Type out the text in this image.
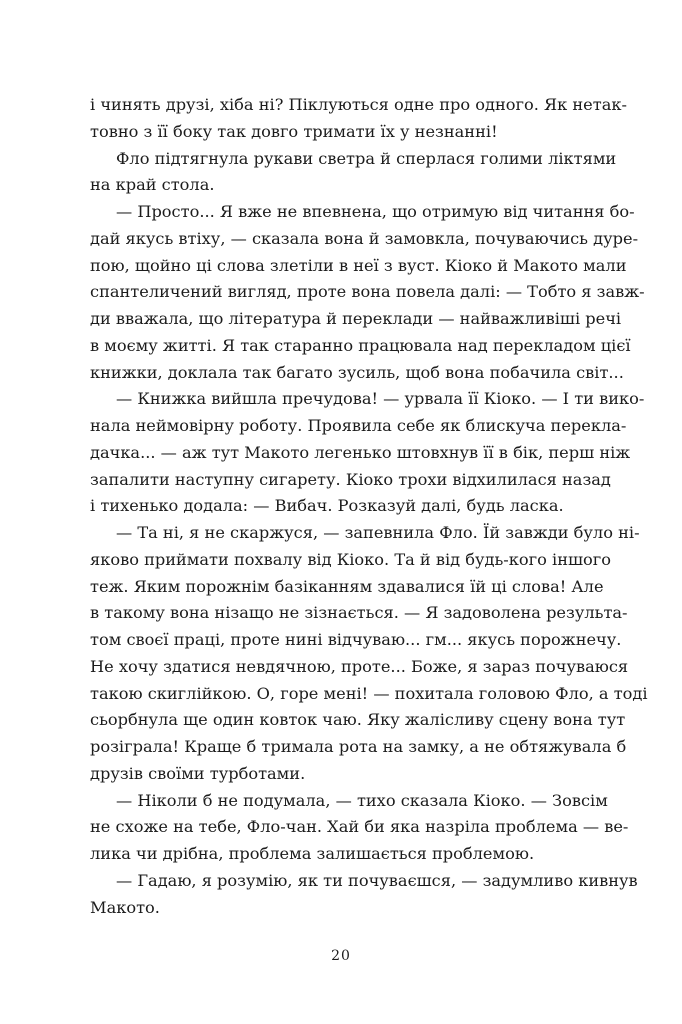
і чинять друзі, хіба ні? Піклуються одне про одного. Як нетак-
товно з її боку так довго тримати їх у незнанні!
Фло підтягнула рукави светра й сперлася голими ліктями
на край стола.
— Просто... Я вже не впевнена, що отримую від читання бо-
дай якусь втіху, — сказала вона й замовкла, почуваючись дуре-
пою, щойно ці слова злетіли в неї з вуст. Кіоко й Макото мали
спантеличений вигляд, проте вона повела далі: — Тобто я завж-
ди вважала, що література й переклади — найважливіші речі
в моєму житті. Я так старанно працювала над перекладом цієї
книжки, доклала так багато зусиль, щоб вона побачила світ...
— Книжка вийшла пречудова! — урвала її Кіоко. — І ти вико-
нала неймовірну роботу. Проявила себе як блискуча перекла-
дачка... — аж тут Макото легенько штовхнув її в бік, перш ніж
запалити наступну сигарету. Кіоко трохи відхилилася назад
і тихенько додала: — Вибач. Розказуй далі, будь ласка.
— Та ні, я не скаржуся, — запевнила Фло. Їй завжди було ні-
яково приймати похвалу від Кіоко. Та й від будь-кого іншого
теж. Яким порожнім базіканням здавалися їй ці слова! Але
в такому вона нізащо не зізнається. — Я задоволена результа-
том своєї праці, проте нині відчуваю... гм... якусь порожнечу.
Не хочу здатися невдячною, проте... Боже, я зараз почуваюся
такою скиглійкою. О, горе мені! — похитала головою Фло, а тоді
сьорбнула ще один ковток чаю. Яку жалісливу сцену вона тут
розіграла! Краще б тримала рота на замку, а не обтяжувала б
друзів своїми турботами.
— Ніколи б не подумала, — тихо сказала Кіоко. — Зовсім
не схоже на тебе, Фло-чан. Хай би яка назріла проблема — ве-
лика чи дрібна, проблема залишається проблемою.
— Гадаю, я розумію, як ти почуваєшся, — задумливо кивнув
Макото.
20
